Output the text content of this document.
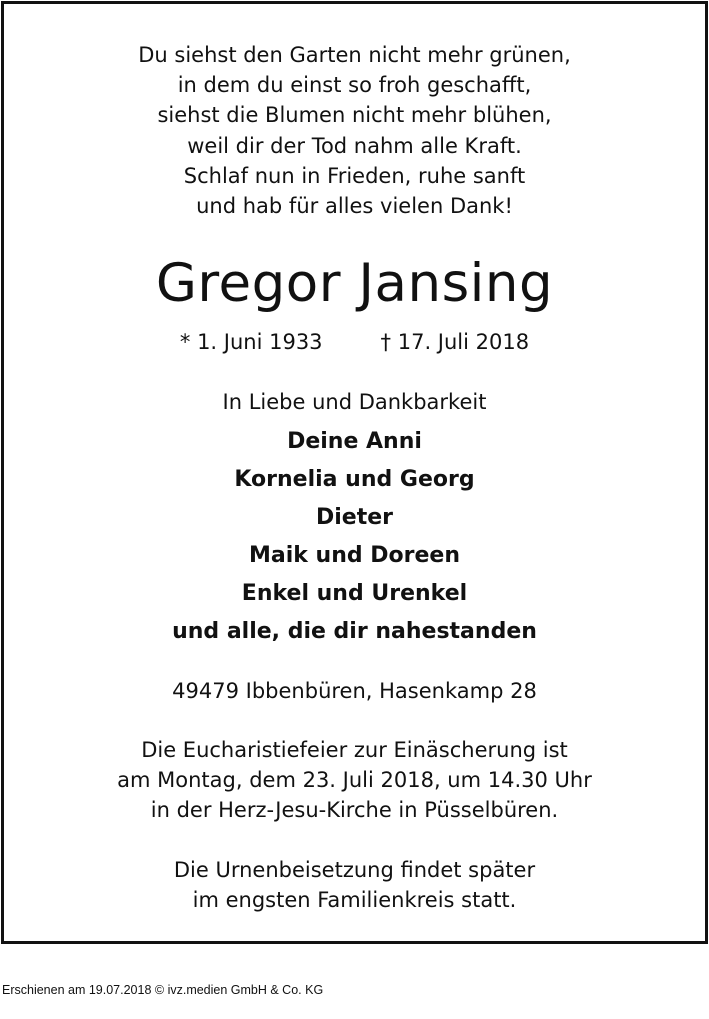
Du siehst den Garten nicht mehr grünen,
in dem du einst so froh geschafft,
siehst die Blumen nicht mehr blühen,
weil dir der Tod nahm alle Kraft.
Schlaf nun in Frieden, ruhe sanft
und hab für alles vielen Dank!
Gregor Jansing
* 1. Juni 1933	† 17. Juli 2018
In Liebe und Dankbarkeit
Deine Anni
Kornelia und Georg
Dieter
Maik und Doreen
Enkel und Urenkel
und alle, die dir nahestanden
49479 Ibbenbüren, Hasenkamp 28
Die Eucharistiefeier zur Einäscherung ist
am Montag, dem 23. Juli 2018, um 14.30 Uhr
in der Herz-Jesu-Kirche in Püsselbüren.
Die Urnenbeisetzung findet später
im engsten Familienkreis statt.
Erschienen am 19.07.2018 © ivz.medien GmbH & Co. KG
